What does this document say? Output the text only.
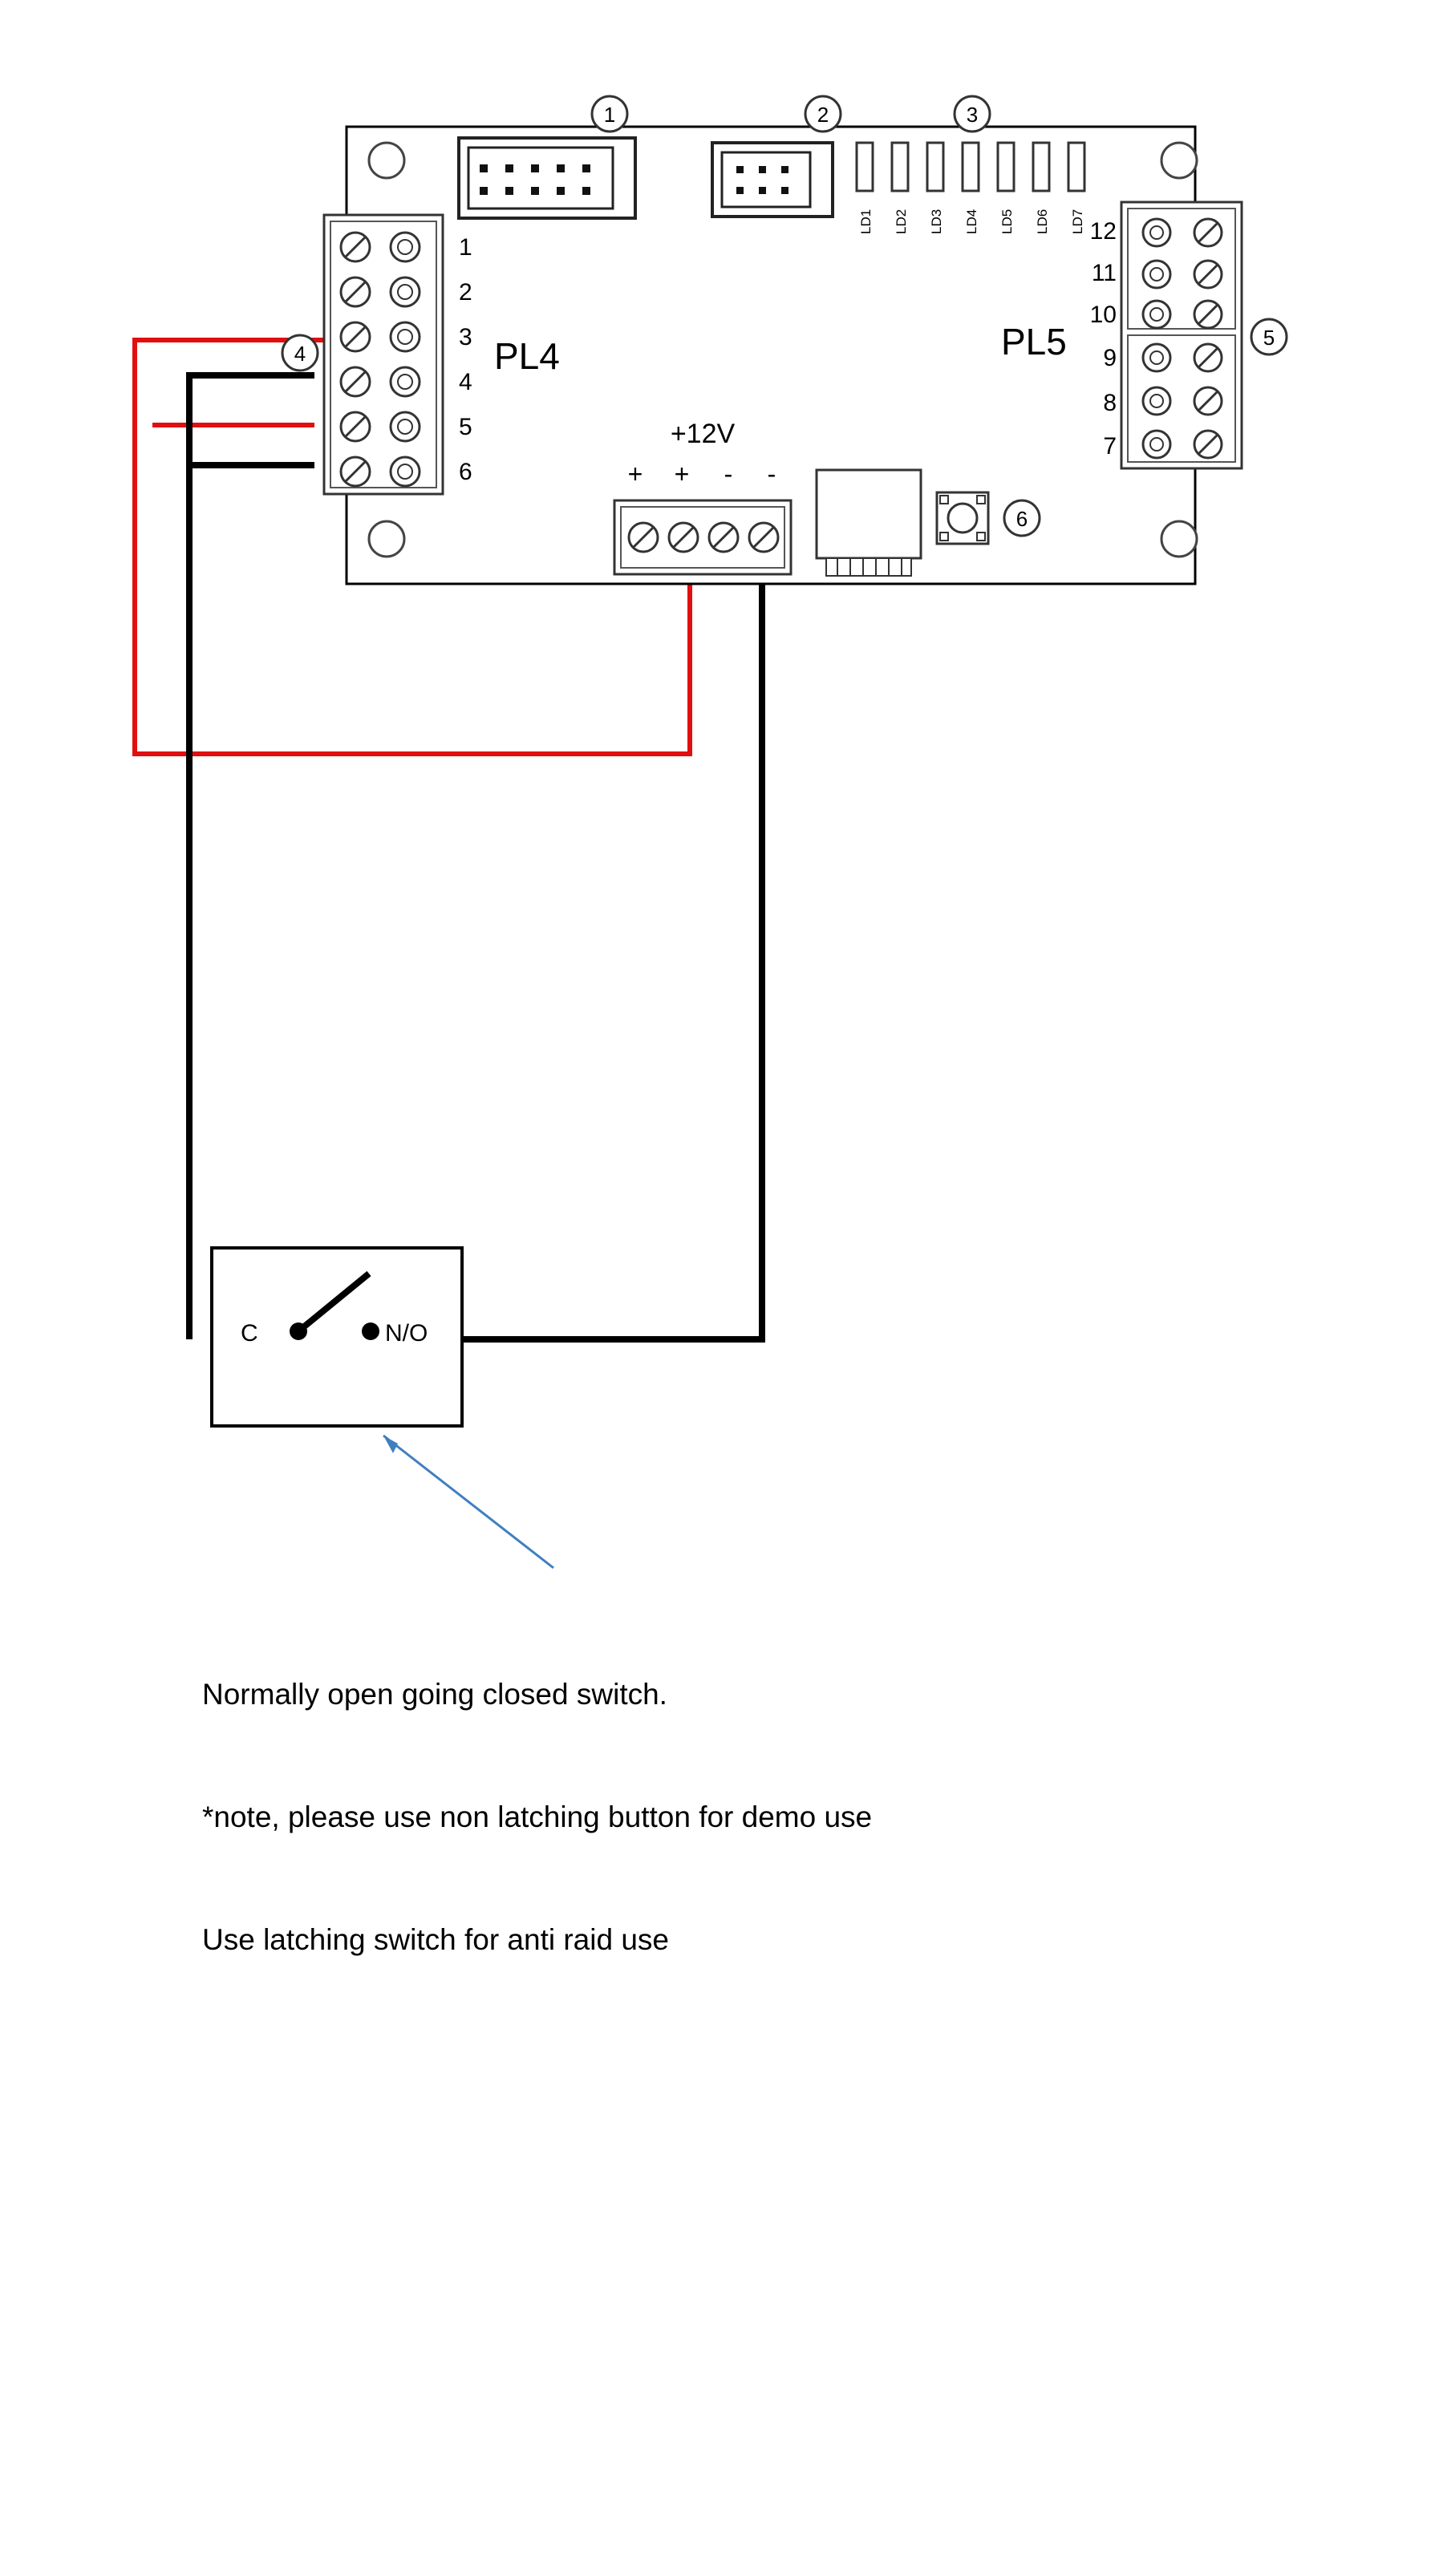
LD1 LD2 LD3 LD4 LD5 LD6 LD7
1
2
3
4
5
6
PL4
12
11
10
9
8
7
PL5
+12V
+ + - -
1	2	3
4
5
6
C	N/O

Normally open going closed switch.

*note, please use non latching button for demo use

Use latching switch for anti raid use
